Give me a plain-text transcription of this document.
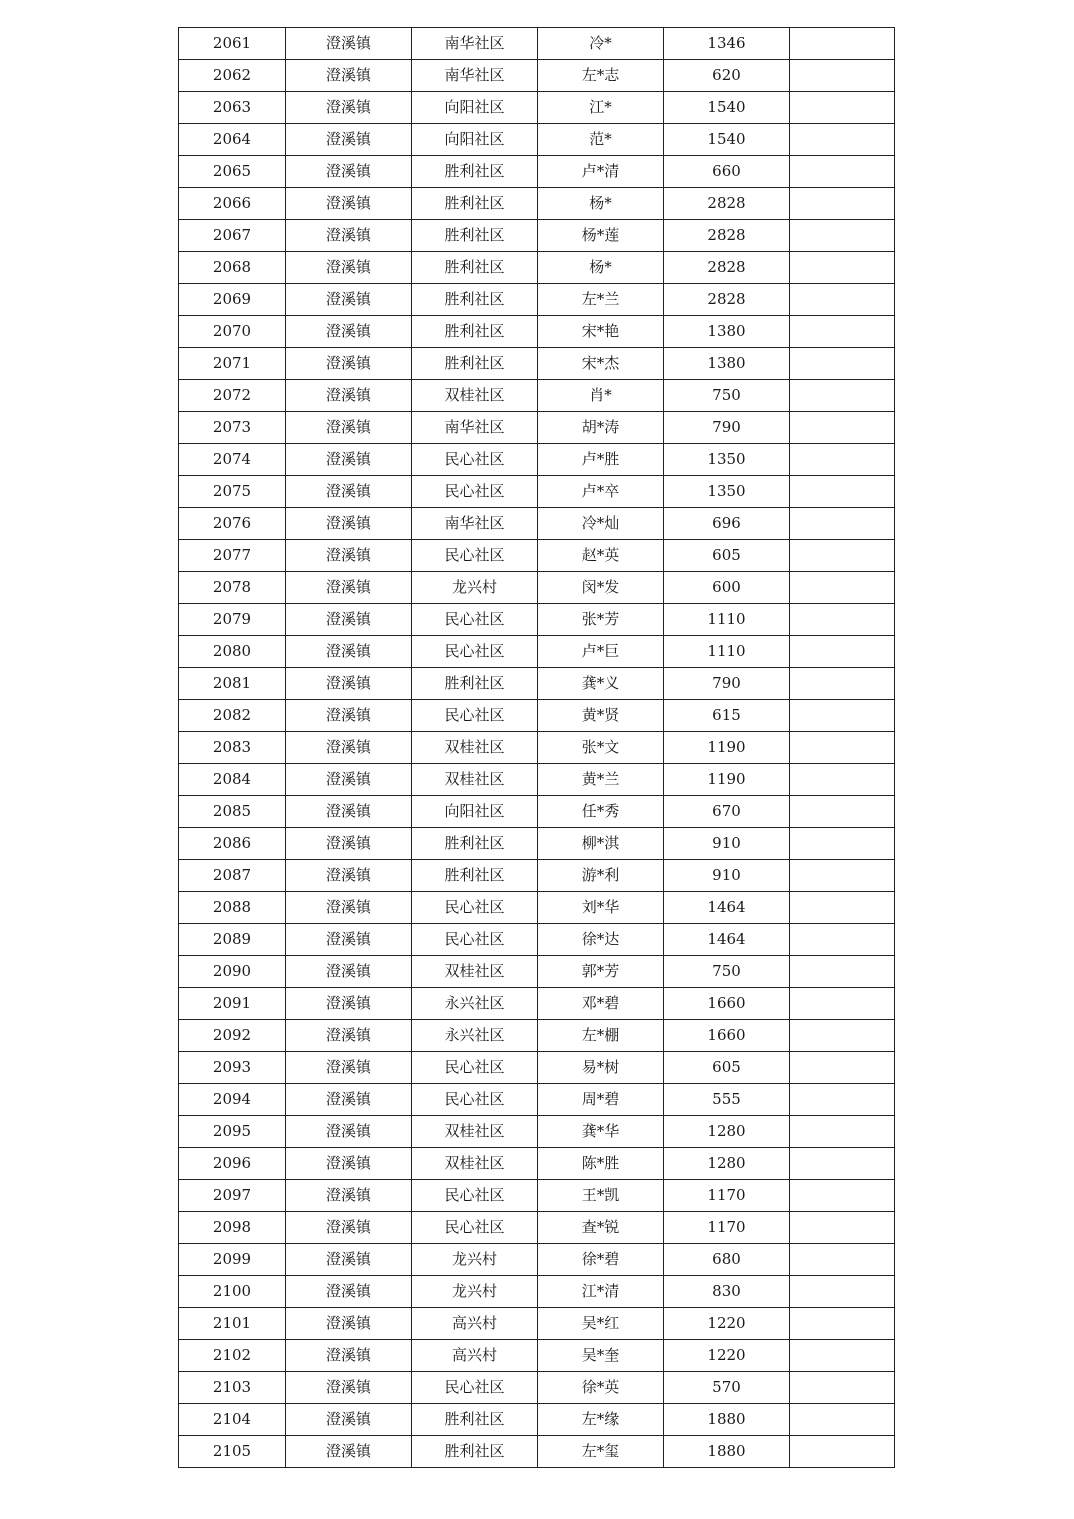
2061	澄溪镇	南华社区	冷*	1346	
2062	澄溪镇	南华社区	左*志	620	
2063	澄溪镇	向阳社区	江*	1540	
2064	澄溪镇	向阳社区	范*	1540	
2065	澄溪镇	胜利社区	卢*清	660	
2066	澄溪镇	胜利社区	杨*	2828	
2067	澄溪镇	胜利社区	杨*莲	2828	
2068	澄溪镇	胜利社区	杨*	2828	
2069	澄溪镇	胜利社区	左*兰	2828	
2070	澄溪镇	胜利社区	宋*艳	1380	
2071	澄溪镇	胜利社区	宋*杰	1380	
2072	澄溪镇	双桂社区	肖*	750	
2073	澄溪镇	南华社区	胡*涛	790	
2074	澄溪镇	民心社区	卢*胜	1350	
2075	澄溪镇	民心社区	卢*卒	1350	
2076	澄溪镇	南华社区	冷*灿	696	
2077	澄溪镇	民心社区	赵*英	605	
2078	澄溪镇	龙兴村	闵*发	600	
2079	澄溪镇	民心社区	张*芳	1110	
2080	澄溪镇	民心社区	卢*巨	1110	
2081	澄溪镇	胜利社区	龚*义	790	
2082	澄溪镇	民心社区	黄*贤	615	
2083	澄溪镇	双桂社区	张*文	1190	
2084	澄溪镇	双桂社区	黄*兰	1190	
2085	澄溪镇	向阳社区	任*秀	670	
2086	澄溪镇	胜利社区	柳*淇	910	
2087	澄溪镇	胜利社区	游*利	910	
2088	澄溪镇	民心社区	刘*华	1464	
2089	澄溪镇	民心社区	徐*达	1464	
2090	澄溪镇	双桂社区	郭*芳	750	
2091	澄溪镇	永兴社区	邓*碧	1660	
2092	澄溪镇	永兴社区	左*棚	1660	
2093	澄溪镇	民心社区	易*树	605	
2094	澄溪镇	民心社区	周*碧	555	
2095	澄溪镇	双桂社区	龚*华	1280	
2096	澄溪镇	双桂社区	陈*胜	1280	
2097	澄溪镇	民心社区	王*凯	1170	
2098	澄溪镇	民心社区	查*锐	1170	
2099	澄溪镇	龙兴村	徐*碧	680	
2100	澄溪镇	龙兴村	江*清	830	
2101	澄溪镇	高兴村	吴*红	1220	
2102	澄溪镇	高兴村	吴*奎	1220	
2103	澄溪镇	民心社区	徐*英	570	
2104	澄溪镇	胜利社区	左*缘	1880	
2105	澄溪镇	胜利社区	左*玺	1880	
